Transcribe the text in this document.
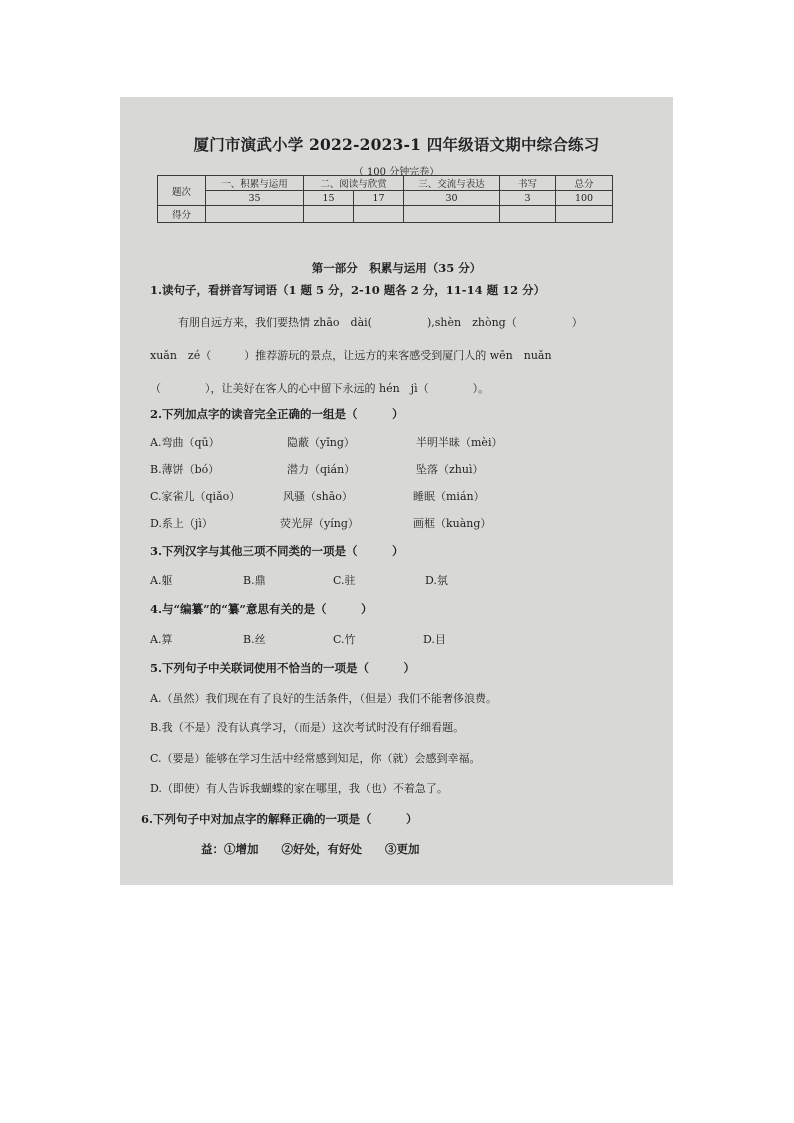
厦门市演武小学 2022-2023-1 四年级语文期中综合练习
（ 100 分钟完卷）
题次	一、积累与运用	二、阅读与欣赏		三、交流与表达	书写	总分
	35	15	17	30	3	100
得分						
第一部分　积累与运用（35 分）
1.读句子，看拼音写词语（1 题 5 分，2-10 题各 2 分，11-14 题 12 分）
有朋自远方来，我们要热情 zhāo　dài(　　　　　),shèn　zhòng（　　　　　）
xuǎn　zé（　　　）推荐游玩的景点，让远方的来客感受到厦门人的 wēn　nuǎn
（　　　　），让美好在客人的心中留下永远的 hén　jì（　　　　）。
2.下列加点字的读音完全正确的一组是（　　　）
A.弯曲（qū）	隐蔽（yǐng）	半明半昧（mèi）
B.薄饼（bó）	潜力（qián）	坠落（zhuì）
C.家雀儿（qiǎo）	风骚（shāo）	睡眠（mián）
D.系上（jì）	荧光屏（yíng）	画框（kuàng）
3.下列汉字与其他三项不同类的一项是（　　　）
A.躯	B.鼎	C.驻	D.氛
4.与“编纂”的“纂”意思有关的是（　　　）
A.算	B.丝	C.竹	D.目
5.下列句子中关联词使用不恰当的一项是（　　　）
A.（虽然）我们现在有了良好的生活条件，（但是）我们不能奢侈浪费。
B.我（不是）没有认真学习，（而是）这次考试时没有仔细看题。
C.（要是）能够在学习生活中经常感到知足，你（就）会感到幸福。
D.（即使）有人告诉我蝴蝶的家在哪里，我（也）不着急了。
6.下列句子中对加点字的解释正确的一项是（　　　）
益：①增加　　②好处，有好处　　③更加
